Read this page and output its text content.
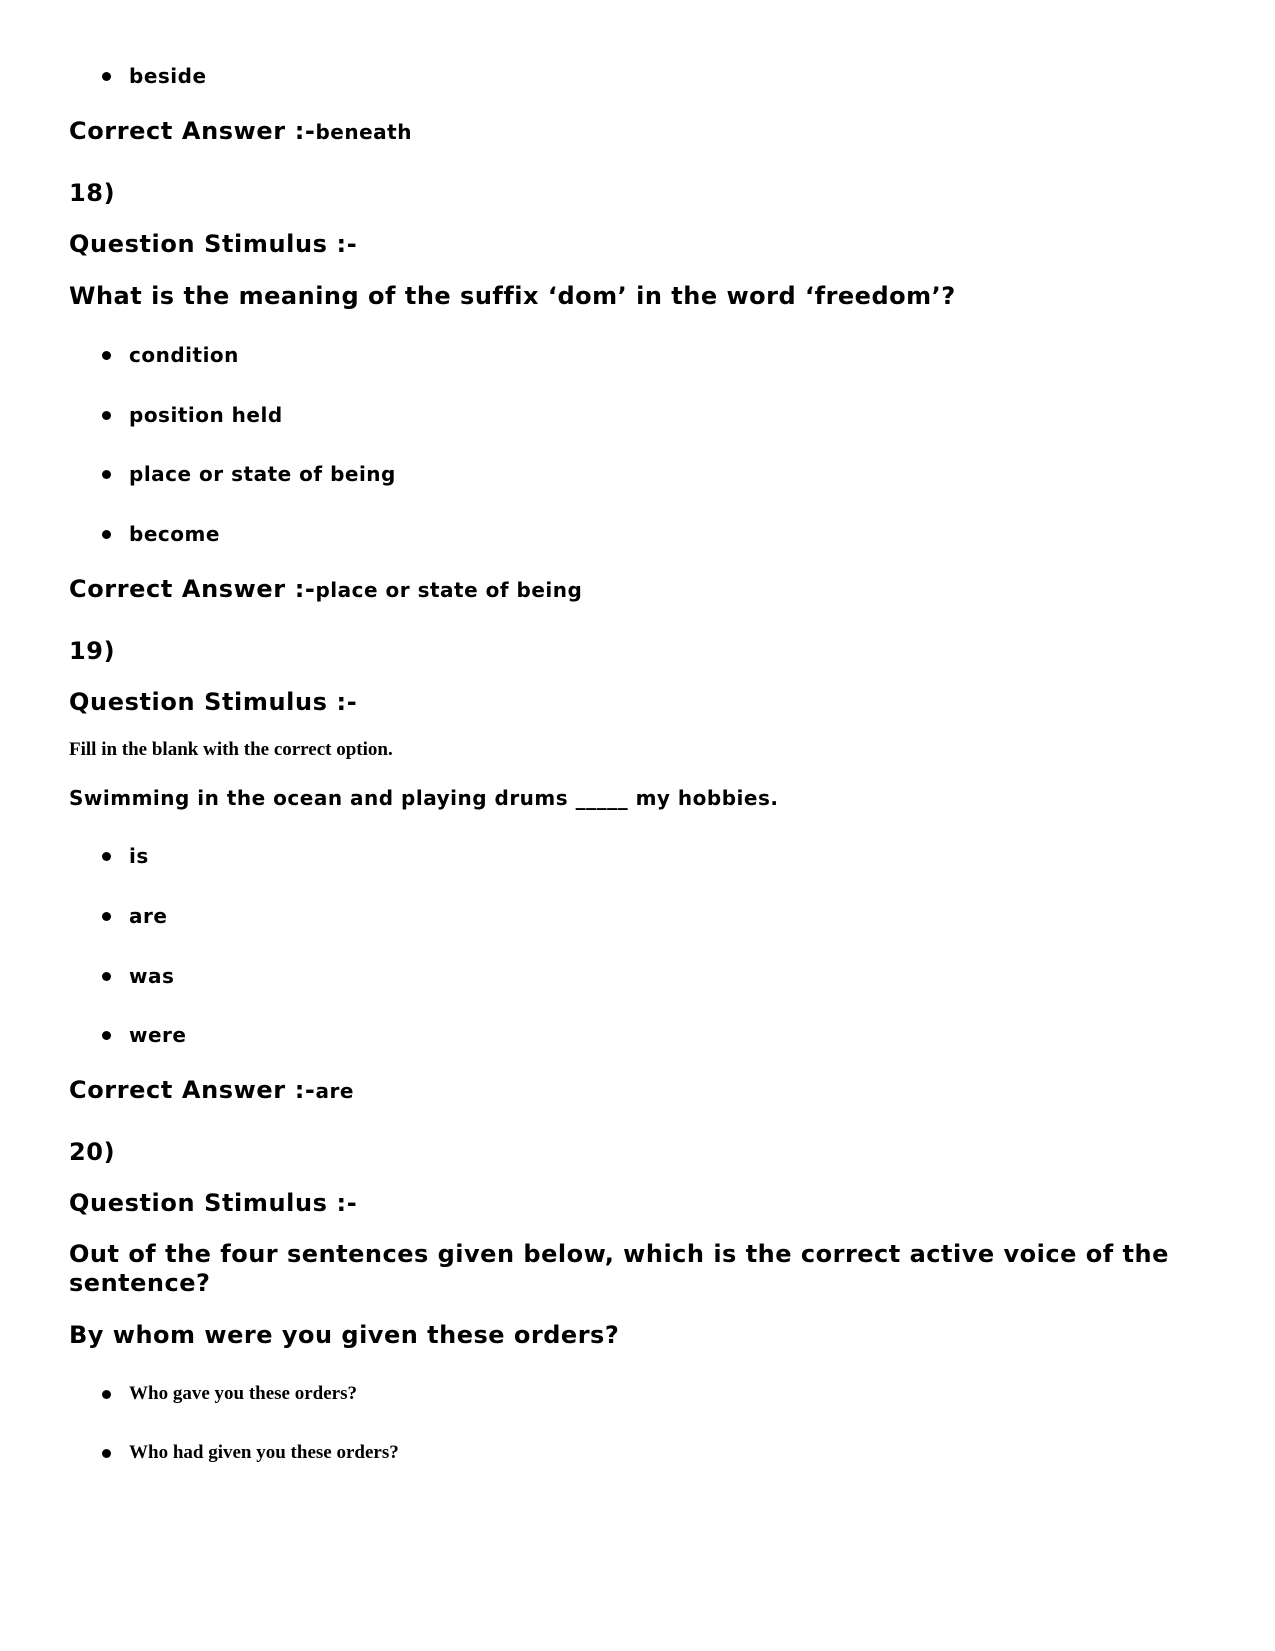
beside
Correct Answer :-beneath
18)
Question Stimulus :-
What is the meaning of the suffix ‘dom’ in the word ‘freedom’?
condition
position held
place or state of being
become
Correct Answer :-place or state of being
19)
Question Stimulus :-
Fill in the blank with the correct option.
Swimming in the ocean and playing drums _____ my hobbies.
is
are
was
were
Correct Answer :-are
20)
Question Stimulus :-
Out of the four sentences given below, which is the correct active voice of the sentence?
By whom were you given these orders?
Who gave you these orders?
Who had given you these orders?
